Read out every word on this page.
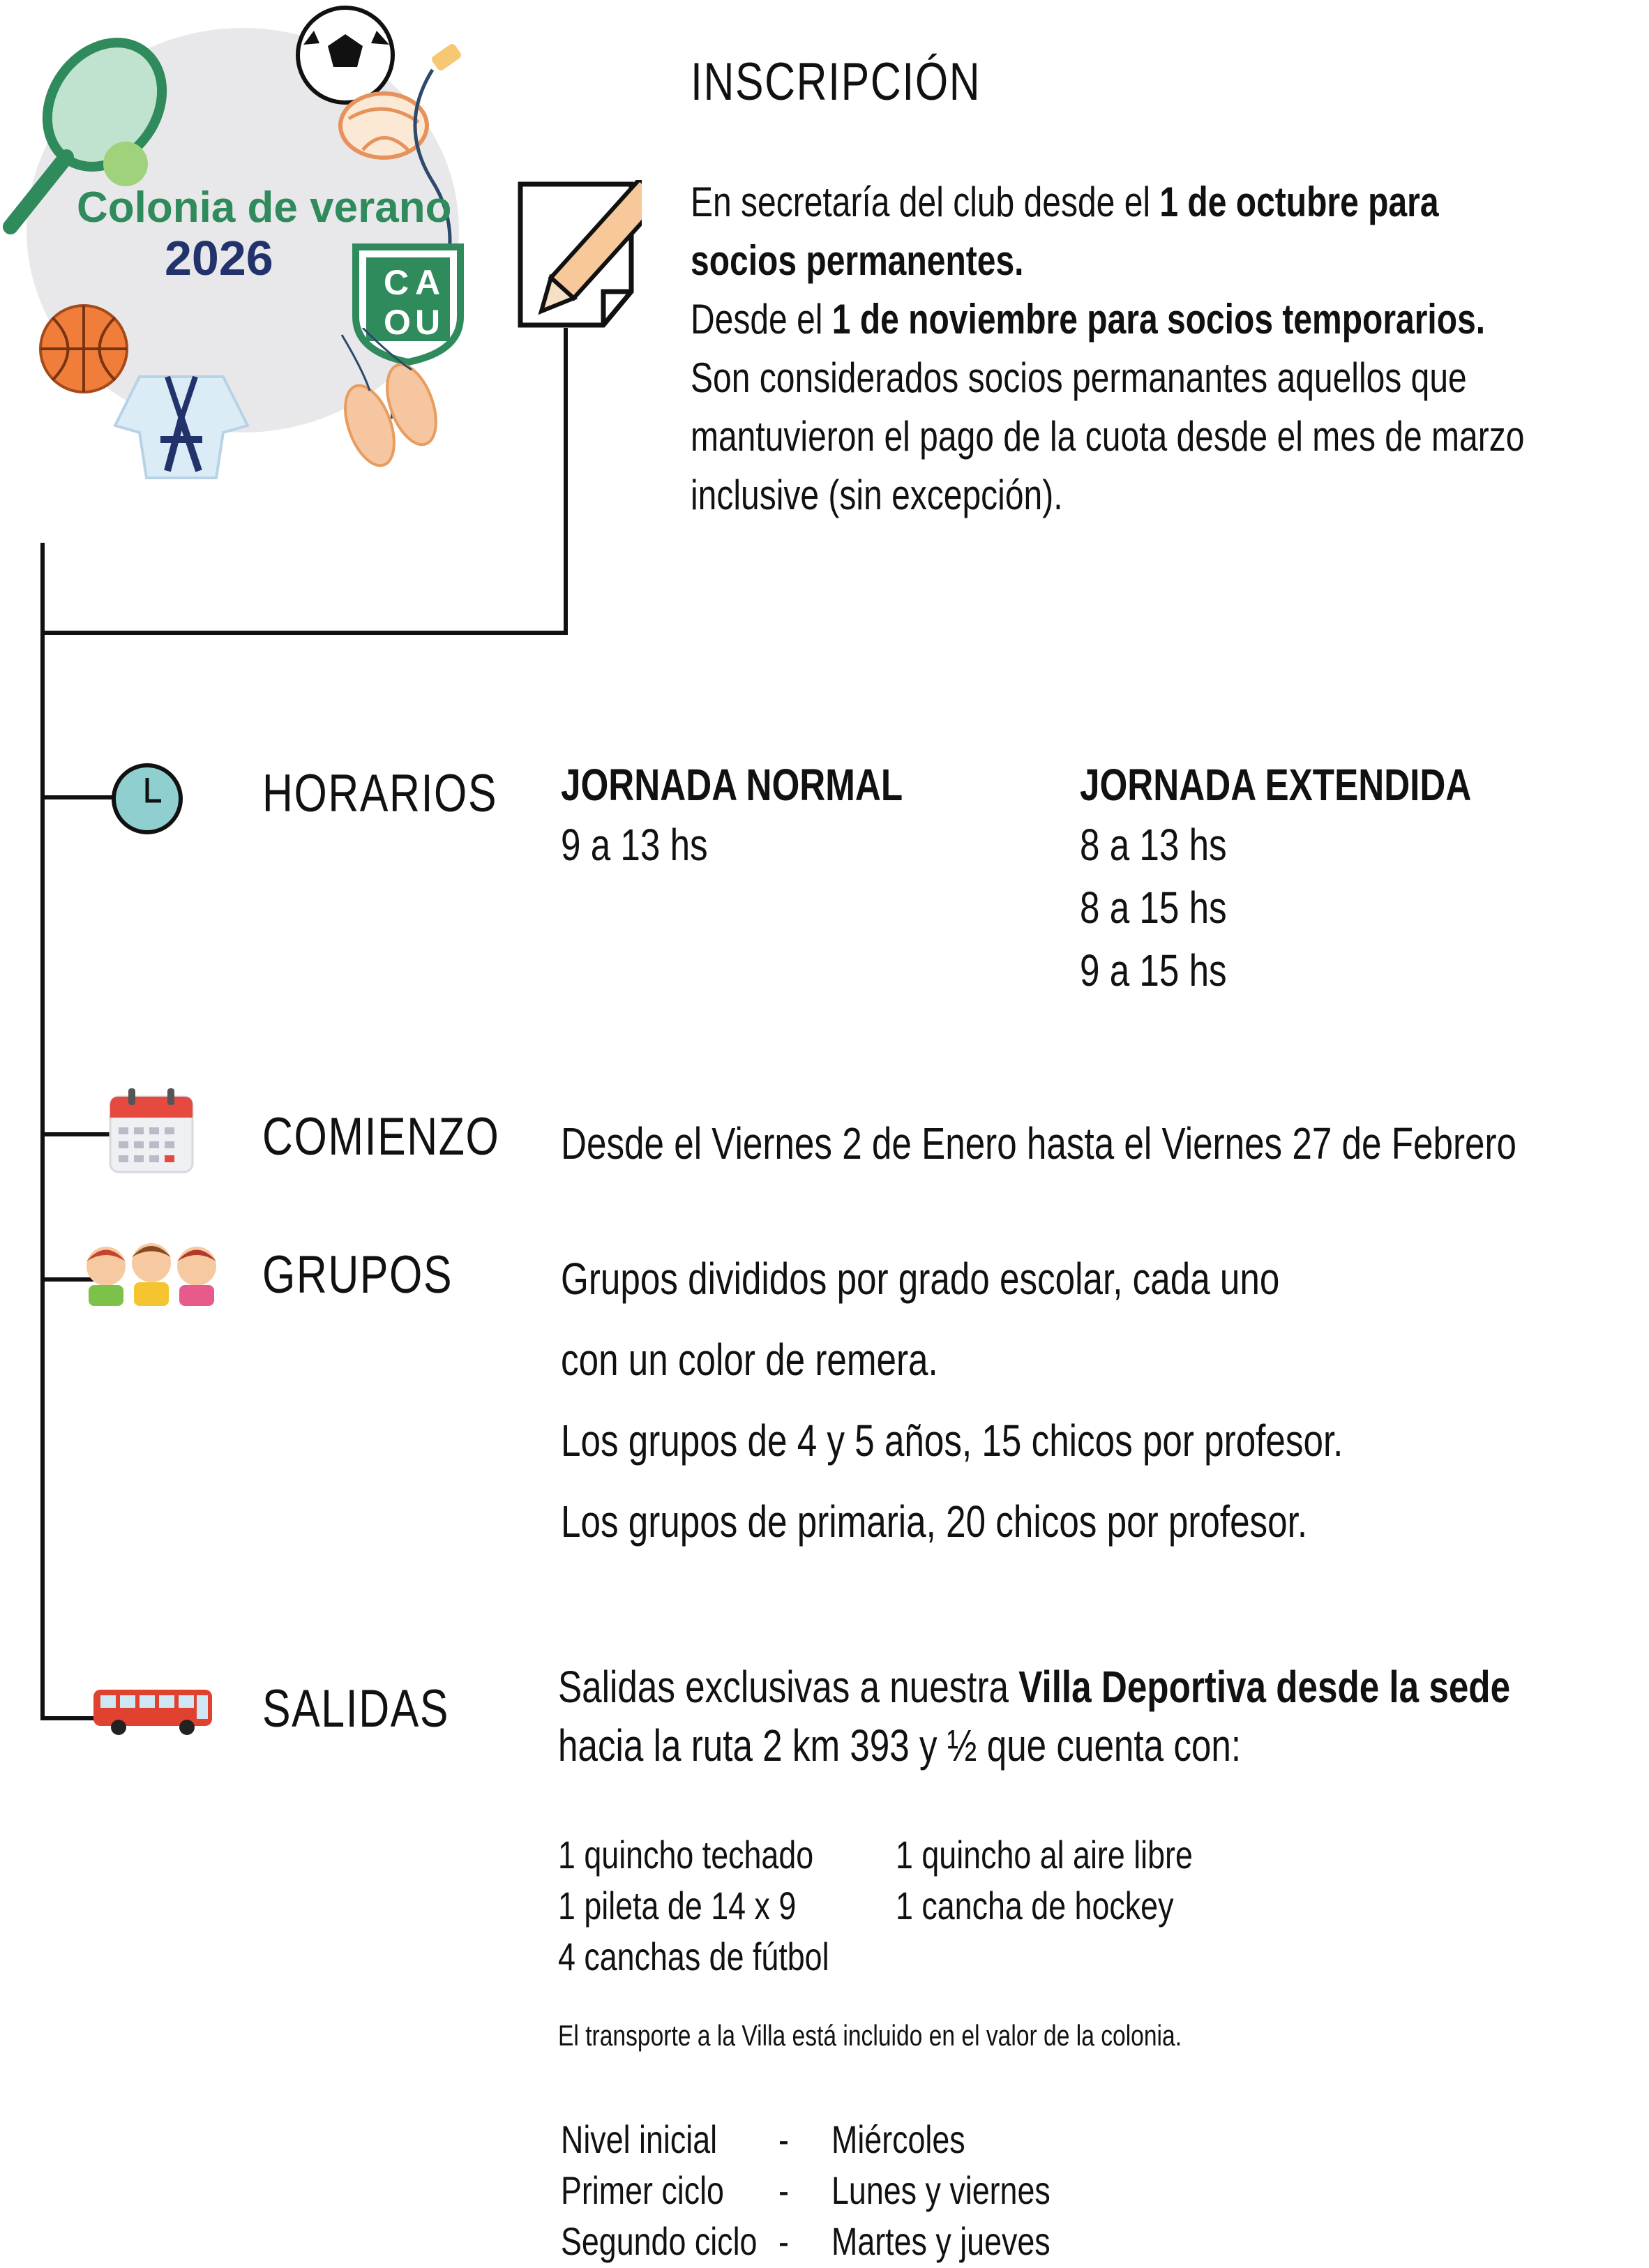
C A
O U
Colonia de verano
2026
INSCRIPCIÓN
En secretaría del club desde el 1 de octubre para
socios permanentes.
Desde el 1 de noviembre para socios temporarios.
Son considerados socios permanantes aquellos que
mantuvieron el pago de la cuota desde el mes de marzo
inclusive (sin excepción).
HORARIOS JORNADA NORMAL
9 a 13 hs
JORNADA EXTENDIDA
8 a 13 hs
8 a 15 hs
9 a 15 hs
COMIENZO Desde el Viernes 2 de Enero hasta el Viernes 27 de Febrero
GRUPOS Grupos divididos por grado escolar, cada uno
con un color de remera.
Los grupos de 4 y 5 años, 15 chicos por profesor.
Los grupos de primaria, 20 chicos por profesor.
SALIDAS Salidas exclusivas a nuestra Villa Deportiva desde la sede
hacia la ruta 2 km 393 y ½ que cuenta con:
1 quincho techado
1 pileta de 14 x 9
4 canchas de fútbol
1 quincho al aire libre
1 cancha de hockey
El transporte a la Villa está incluido en el valor de la colonia.
Nivel inicial
Primer ciclo
Segundo ciclo
-
-
-
Miércoles
Lunes y viernes
Martes y jueves
